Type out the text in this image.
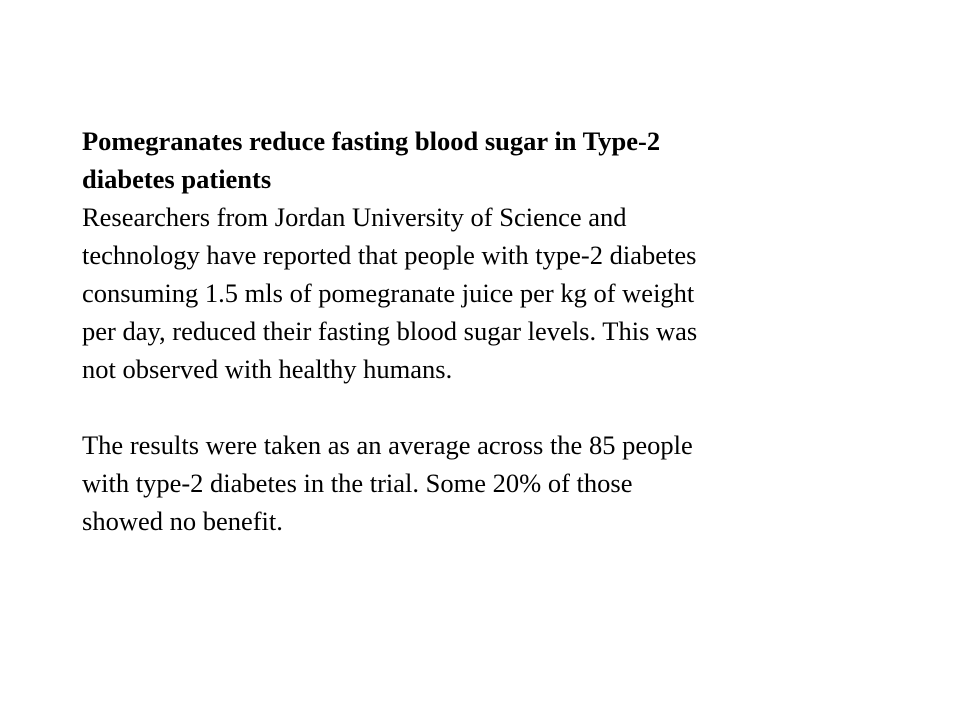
Pomegranates reduce fasting blood sugar in Type-2
diabetes patients

Researchers from Jordan University of Science and
technology have reported that people with type-2 diabetes
consuming 1.5 mls of pomegranate juice per kg of weight
per day, reduced their fasting blood sugar levels. This was
not observed with healthy humans.

The results were taken as an average across the 85 people
with type-2 diabetes in the trial. Some 20% of those
showed no benefit.
